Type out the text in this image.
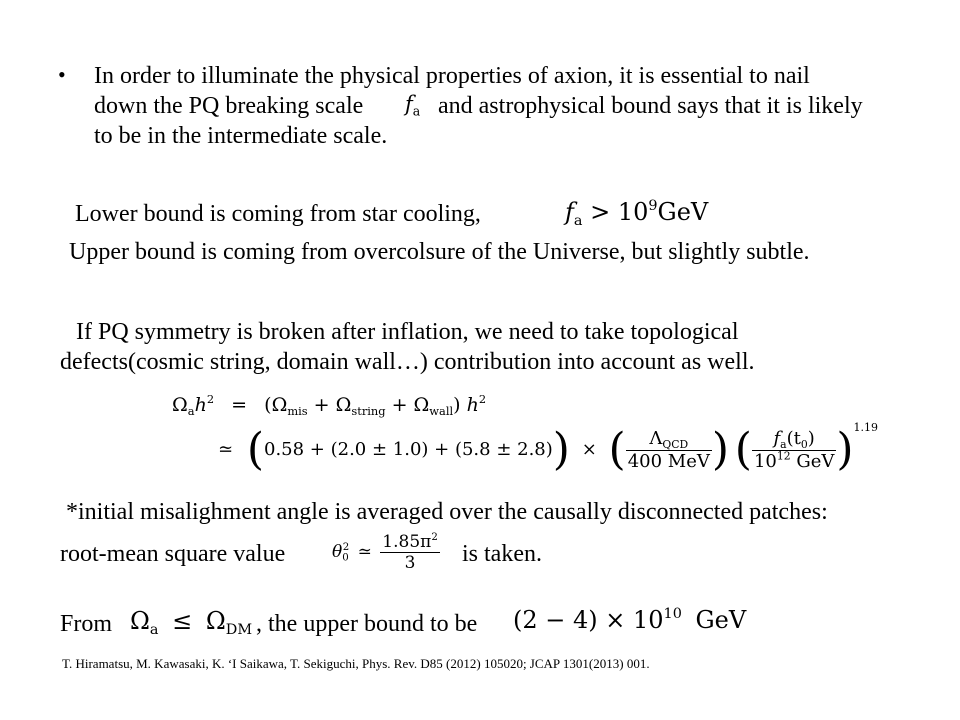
• In order to illuminate the physical properties of axion, it is essential to nail
down the PQ breaking scale $f_a$ and astrophysical bound says that it is likely
to be in the intermediate scale.
Lower bound is coming from star cooling,	$f_a > 10^9GeV$
Upper bound is coming from overcolsure of the Universe, but slightly subtle.
If PQ symmetry is broken after inflation, we need to take topological
defects(cosmic string, domain wall…) contribution into account as well.
$\Omega_ah^2 = (\Omega_{mis} + \Omega_{string} + \Omega_{wall})$ $h^2$
≃ (0.58 + (2.0 ± 1.0) + (5.8 ± 2.8)) × ( $\frac{\Lambda_{QCD}}{\text{400 MeV}}$ ) ( $\frac{f_a(t_0)}{10^{12} GeV} )^{1.19}$
*initial misalighment angle is averaged over the causally disconnected patches:
root-mean square value	$\theta_0^2$ ≃ $\frac{1.85\pi^2}{3}$ is taken.
From $\Omega_a \le \Omega_{DM}$ , the upper bound to be $(2 - 4) \times 10^{10}$ GeV
T. Hiramatsu, M. Kawasaki, K. ‘I Saikawa, T. Sekiguchi, Phys. Rev. D85 (2012) 105020; JCAP 1301(2013) 001.
